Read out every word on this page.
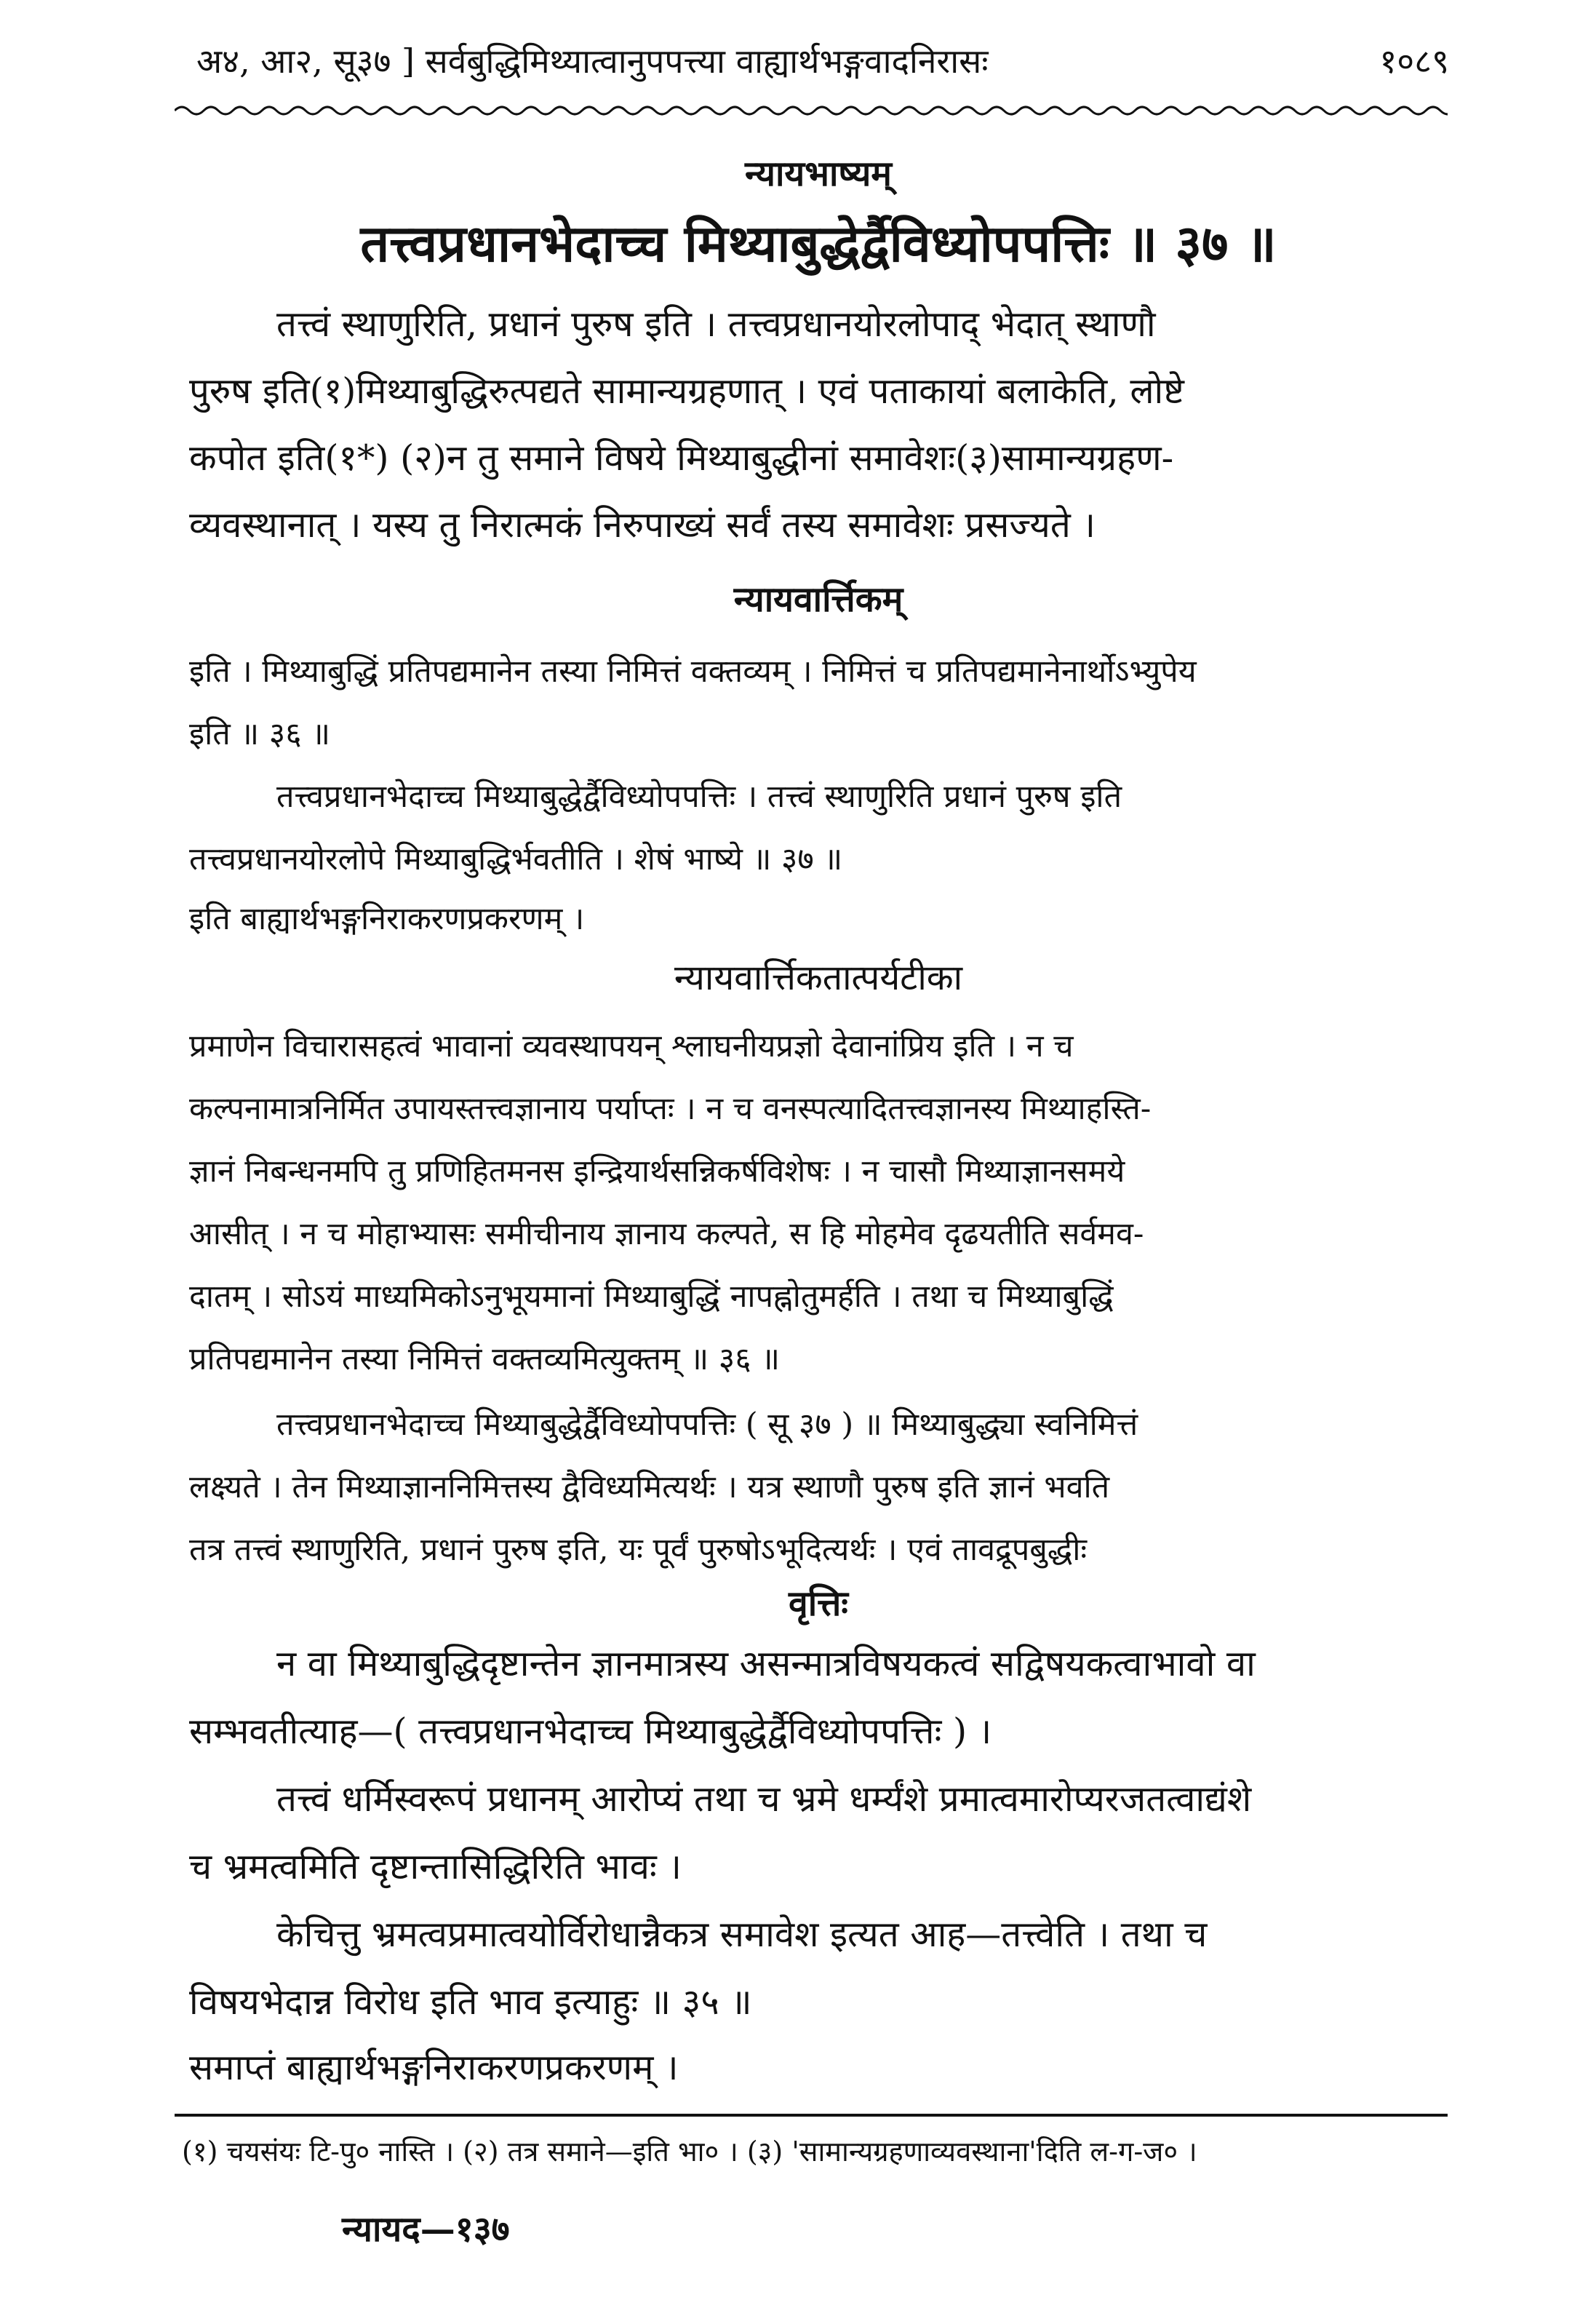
अ४, आ२, सू३७ ] सर्वबुद्धिमिथ्यात्वानुपपत्त्या वाह्यार्थभङ्गवादनिरासः	१०८९
न्यायभाष्यम्
तत्त्वप्रधानभेदाच्च मिथ्याबुद्धेर्द्वैविध्योपपत्तिः ॥ ३७ ॥
तत्त्वं स्थाणुरिति, प्रधानं पुरुष इति । तत्त्वप्रधानयोरलोपाद् भेदात् स्थाणौ
पुरुष इति(१)मिथ्याबुद्धिरुत्पद्यते सामान्यग्रहणात् । एवं पताकायां बलाकेति, लोष्टे
कपोत इति(१*) (२)न तु समाने विषये मिथ्याबुद्धीनां समावेशः(३)सामान्यग्रहण-
व्यवस्थानात् । यस्य तु निरात्मकं निरुपाख्यं सर्वं तस्य समावेशः प्रसज्यते ।
न्यायवार्त्तिकम्
इति । मिथ्याबुद्धिं प्रतिपद्यमानेन तस्या निमित्तं वक्तव्यम् । निमित्तं च प्रतिपद्यमानेनार्थोऽभ्युपेय
इति ॥ ३६ ॥
तत्त्वप्रधानभेदाच्च मिथ्याबुद्धेर्द्वैविध्योपपत्तिः । तत्त्वं स्थाणुरिति प्रधानं पुरुष इति
तत्त्वप्रधानयोरलोपे मिथ्याबुद्धिर्भवतीति । शेषं भाष्ये ॥ ३७ ॥
इति बाह्यार्थभङ्गनिराकरणप्रकरणम् ।
न्यायवार्त्तिकतात्पर्यटीका
प्रमाणेन विचारासहत्वं भावानां व्यवस्थापयन् श्लाघनीयप्रज्ञो देवानांप्रिय इति । न च
कल्पनामात्रनिर्मित उपायस्तत्त्वज्ञानाय पर्याप्तः । न च वनस्पत्यादितत्त्वज्ञानस्य मिथ्याहस्ति-
ज्ञानं निबन्धनमपि तु प्रणिहितमनस इन्द्रियार्थसन्निकर्षविशेषः । न चासौ मिथ्याज्ञानसमये
आसीत् । न च मोहाभ्यासः समीचीनाय ज्ञानाय कल्पते, स हि मोहमेव दृढयतीति सर्वमव-
दातम् । सोऽयं माध्यमिकोऽनुभूयमानां मिथ्याबुद्धिं नापह्नोतुमर्हति । तथा च मिथ्याबुद्धिं
प्रतिपद्यमानेन तस्या निमित्तं वक्तव्यमित्युक्तम् ॥ ३६ ॥
तत्त्वप्रधानभेदाच्च मिथ्याबुद्धेर्द्वैविध्योपपत्तिः ( सू ३७ ) ॥ मिथ्याबुद्ध्या स्वनिमित्तं
लक्ष्यते । तेन मिथ्याज्ञाननिमित्तस्य द्वैविध्यमित्यर्थः । यत्र स्थाणौ पुरुष इति ज्ञानं भवति
तत्र तत्त्वं स्थाणुरिति, प्रधानं पुरुष इति, यः पूर्वं पुरुषोऽभूदित्यर्थः । एवं तावद्रूपबुद्धीः
वृत्तिः
न वा मिथ्याबुद्धिदृष्टान्तेन ज्ञानमात्रस्य असन्मात्रविषयकत्वं सद्विषयकत्वाभावो वा
सम्भवतीत्याह—( तत्त्वप्रधानभेदाच्च मिथ्याबुद्धेर्द्वैविध्योपपत्तिः ) ।
तत्त्वं धर्मिस्वरूपं प्रधानम् आरोप्यं तथा च भ्रमे धर्म्यंशे प्रमात्वमारोप्यरजतत्वाद्यंशे
च भ्रमत्वमिति दृष्टान्तासिद्धिरिति भावः ।
केचित्तु भ्रमत्वप्रमात्वयोर्विरोधान्नैकत्र समावेश इत्यत आह—तत्त्वेति । तथा च
विषयभेदान्न विरोध इति भाव इत्याहुः ॥ ३५ ॥
समाप्तं बाह्यार्थभङ्गनिराकरणप्रकरणम् ।
(१) चयसंयः टि-पु० नास्ति । (२) तत्र समाने—इति भा० । (३) 'सामान्यग्रहणाव्यवस्थाना'दिति ल-ग-ज० ।
न्यायद—१३७
